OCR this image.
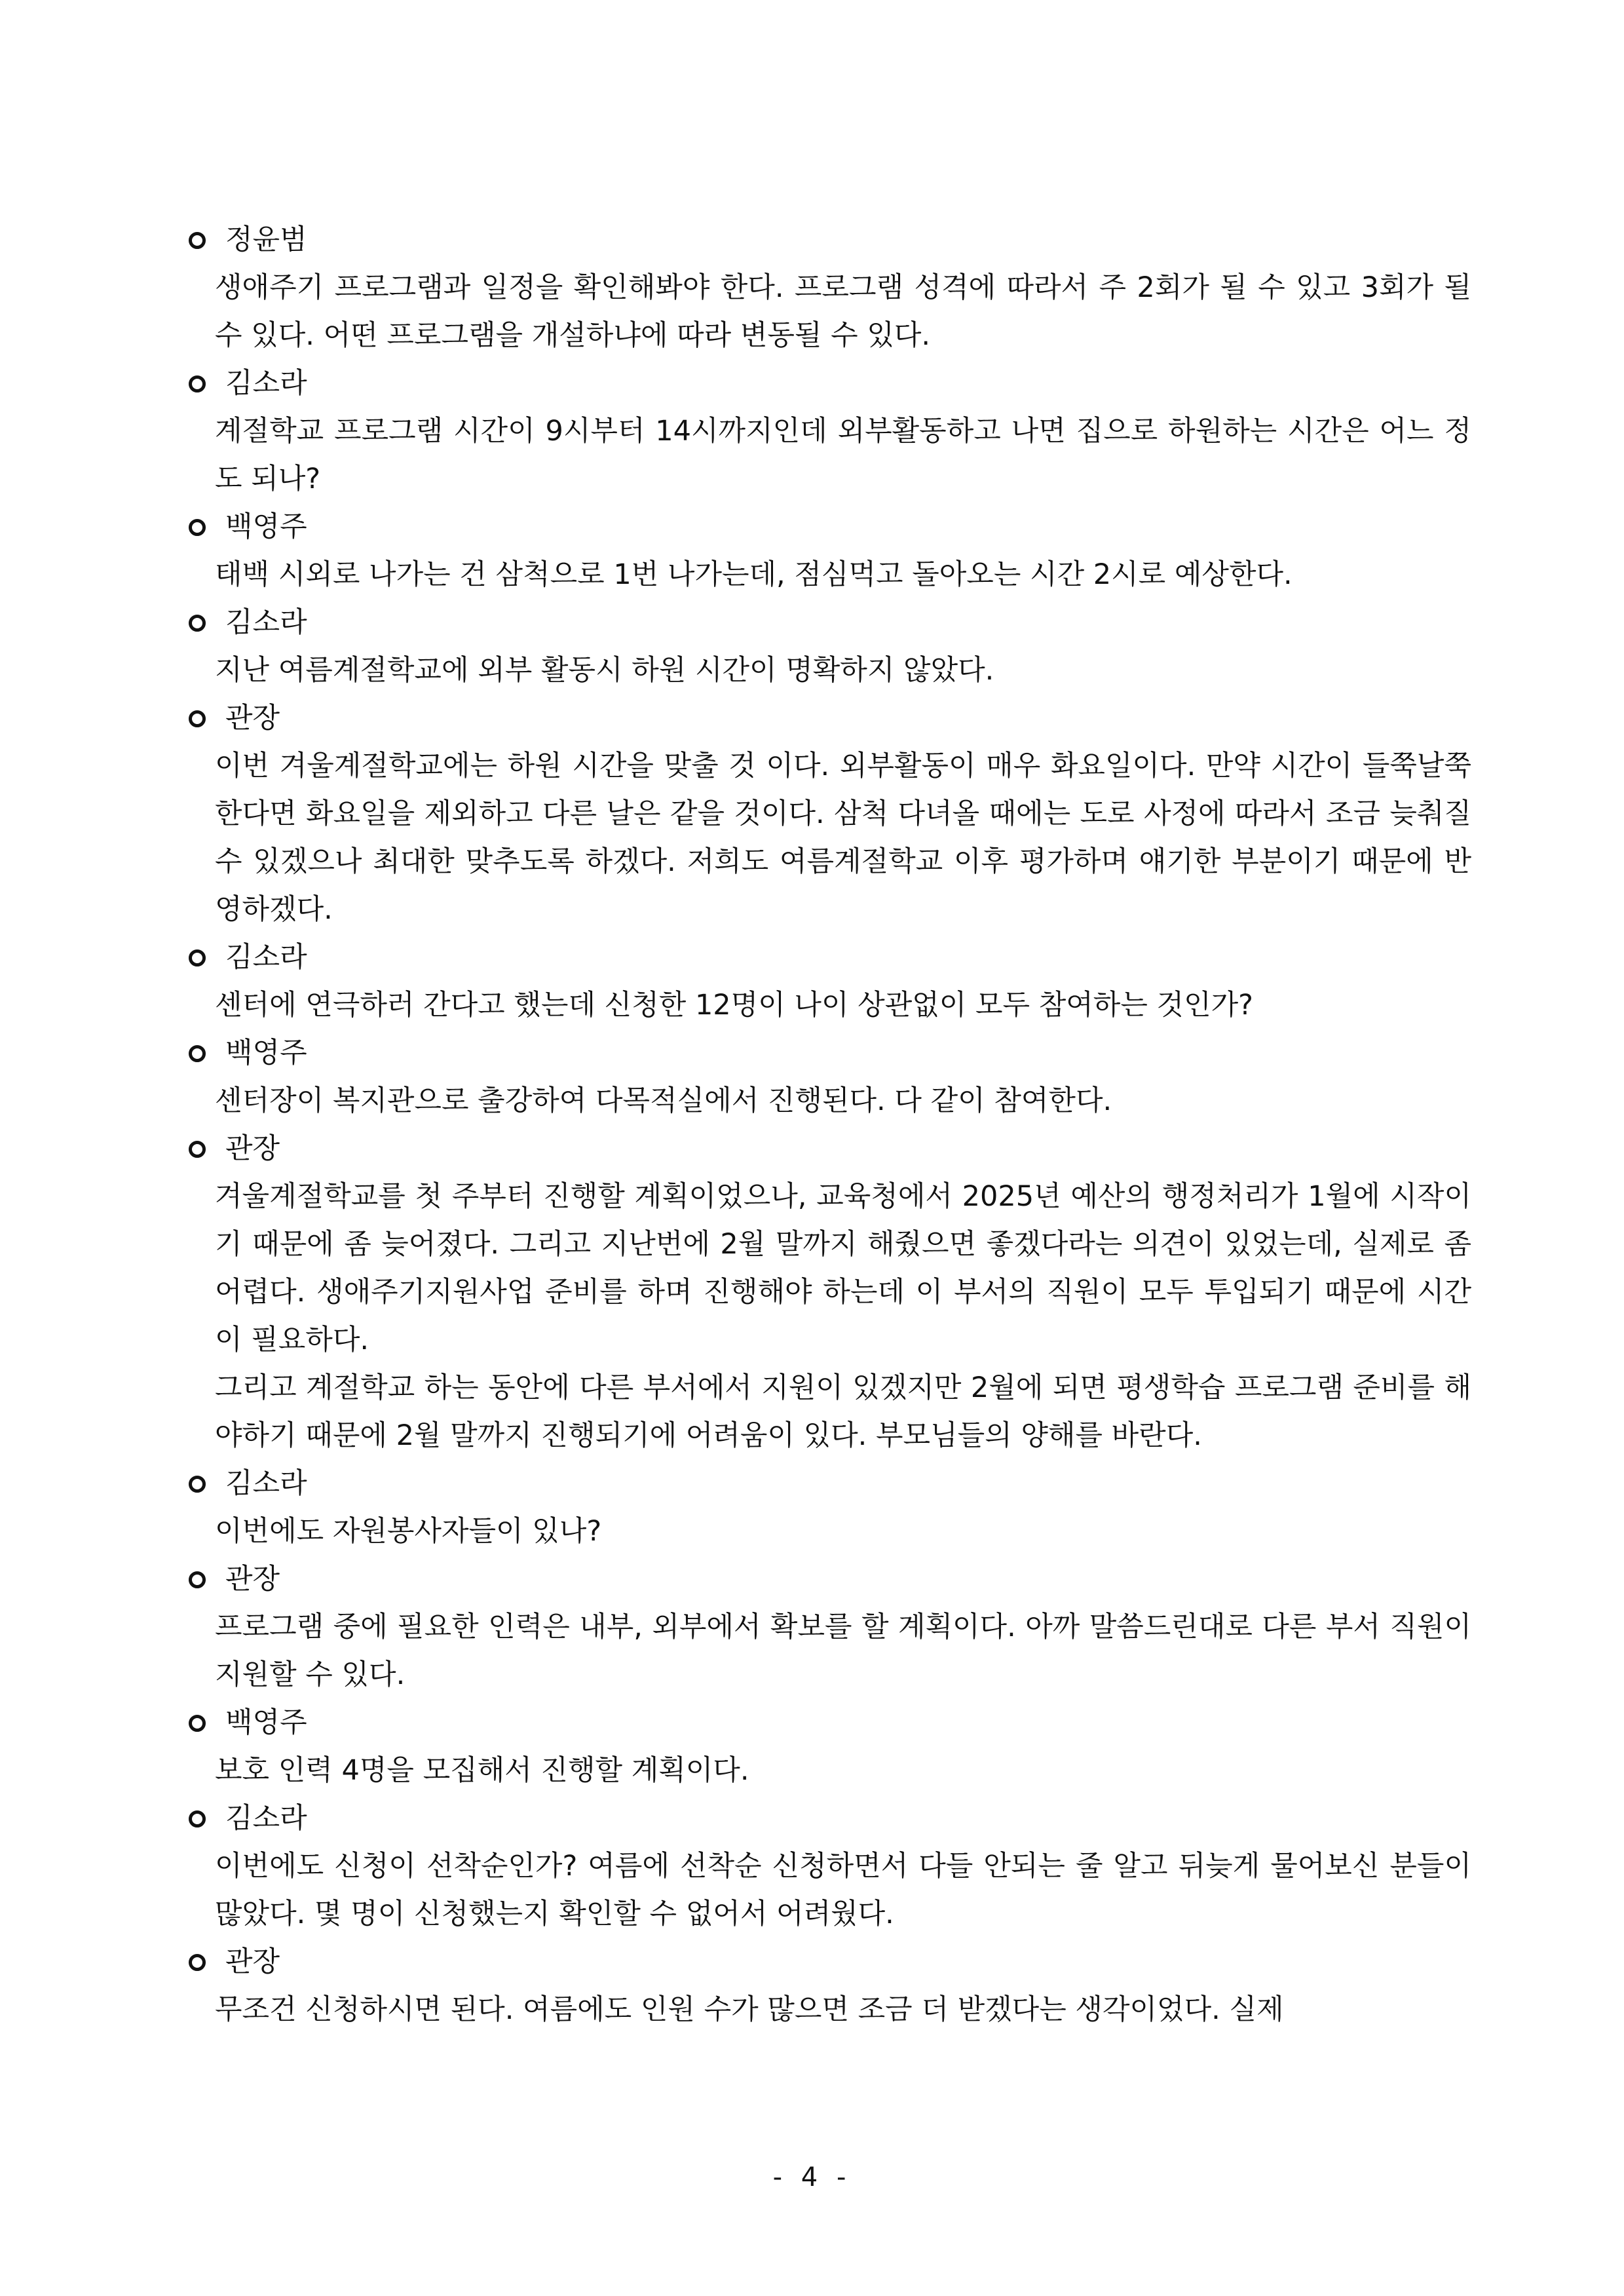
정윤범

생애주기 프로그램과 일정을 확인해봐야 한다. 프로그램 성격에 따라서 주 2회가 될 수 있고 3회가 될 수 있다. 어떤 프로그램을 개설하냐에 따라 변동될 수 있다.

김소라

계절학교 프로그램 시간이 9시부터 14시까지인데 외부활동하고 나면 집으로 하원하는 시간은 어느 정도 되나?

백영주

태백 시외로 나가는 건 삼척으로 1번 나가는데, 점심먹고 돌아오는 시간 2시로 예상한다.

김소라

지난 여름계절학교에 외부 활동시 하원 시간이 명확하지 않았다.

관장

이번 겨울계절학교에는 하원 시간을 맞출 것 이다. 외부활동이 매우 화요일이다. 만약 시간이 들쭉날쭉한다면 화요일을 제외하고 다른 날은 같을 것이다. 삼척 다녀올 때에는 도로 사정에 따라서 조금 늦춰질 수 있겠으나 최대한 맞추도록 하겠다. 저희도 여름계절학교 이후 평가하며 얘기한 부분이기 때문에 반영하겠다.

김소라

센터에 연극하러 간다고 했는데 신청한 12명이 나이 상관없이 모두 참여하는 것인가?

백영주

센터장이 복지관으로 출강하여 다목적실에서 진행된다. 다 같이 참여한다.

관장

겨울계절학교를 첫 주부터 진행할 계획이었으나, 교육청에서 2025년 예산의 행정처리가 1월에 시작이기 때문에 좀 늦어졌다. 그리고 지난번에 2월 말까지 해줬으면 좋겠다라는 의견이 있었는데, 실제로 좀 어렵다. 생애주기지원사업 준비를 하며 진행해야 하는데 이 부서의 직원이 모두 투입되기 때문에 시간이 필요하다.

그리고 계절학교 하는 동안에 다른 부서에서 지원이 있겠지만 2월에 되면 평생학습 프로그램 준비를 해야하기 때문에 2월 말까지 진행되기에 어려움이 있다. 부모님들의 양해를 바란다.

김소라

이번에도 자원봉사자들이 있나?

관장

프로그램 중에 필요한 인력은 내부, 외부에서 확보를 할 계획이다. 아까 말씀드린대로 다른 부서 직원이 지원할 수 있다.

백영주

보호 인력 4명을 모집해서 진행할 계획이다.

김소라

이번에도 신청이 선착순인가? 여름에 선착순 신청하면서 다들 안되는 줄 알고 뒤늦게 물어보신 분들이 많았다. 몇 명이 신청했는지 확인할 수 없어서 어려웠다.

관장

무조건 신청하시면 된다. 여름에도 인원 수가 많으면 조금 더 받겠다는 생각이었다. 실제

- 4 -
